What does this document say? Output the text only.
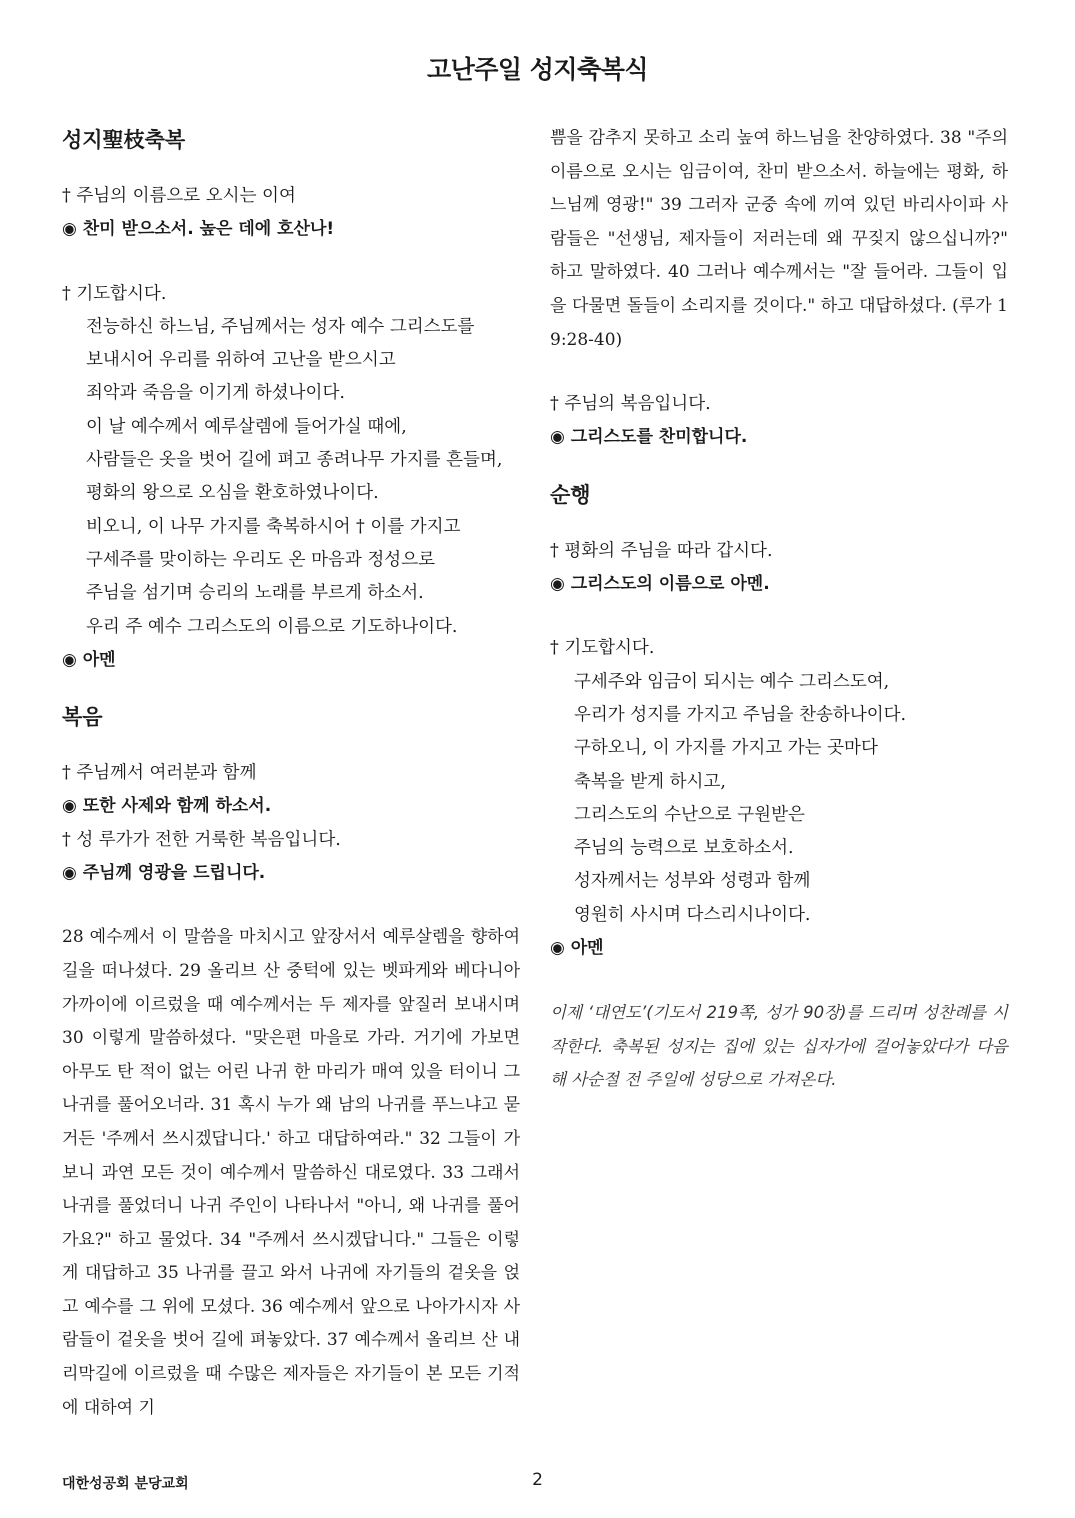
고난주일 성지축복식
성지聖枝축복
† 주님의 이름으로 오시는 이여
◉ 찬미 받으소서. 높은 데에 호산나!
† 기도합시다.
전능하신 하느님, 주님께서는 성자 예수 그리스도를
보내시어 우리를 위하여 고난을 받으시고
죄악과 죽음을 이기게 하셨나이다.
이 날 예수께서 예루살렘에 들어가실 때에,
사람들은 옷을 벗어 길에 펴고 종려나무 가지를 흔들며,
평화의 왕으로 오심을 환호하였나이다.
비오니, 이 나무 가지를 축복하시어 † 이를 가지고
구세주를 맞이하는 우리도 온 마음과 정성으로
주님을 섬기며 승리의 노래를 부르게 하소서.
우리 주 예수 그리스도의 이름으로 기도하나이다.
◉ 아멘
복음
† 주님께서 여러분과 함께
◉ 또한 사제와 함께 하소서.
† 성 루가가 전한 거룩한 복음입니다.
◉ 주님께 영광을 드립니다.

28 예수께서 이 말씀을 마치시고 앞장서서 예루살렘을 향하여 길을 떠나셨다. 29 올리브 산 중턱에 있는 벳파게와 베다니아 가까이에 이르렀을 때 예수께서는 두 제자를 앞질러 보내시며 30 이렇게 말씀하셨다. "맞은편 마을로 가라. 거기에 가보면 아무도 탄 적이 없는 어린 나귀 한 마리가 매여 있을 터이니 그 나귀를 풀어오너라. 31 혹시 누가 왜 남의 나귀를 푸느냐고 묻거든 '주께서 쓰시겠답니다.' 하고 대답하여라." 32 그들이 가보니 과연 모든 것이 예수께서 말씀하신 대로였다. 33 그래서 나귀를 풀었더니 나귀 주인이 나타나서 "아니, 왜 나귀를 풀어가요?" 하고 물었다. 34 "주께서 쓰시겠답니다." 그들은 이렇게 대답하고 35 나귀를 끌고 와서 나귀에 자기들의 겉옷을 얹고 예수를 그 위에 모셨다. 36 예수께서 앞으로 나아가시자 사람들이 겉옷을 벗어 길에 펴놓았다. 37 예수께서 올리브 산 내리막길에 이르렀을 때 수많은 제자들은 자기들이 본 모든 기적에 대하여 기

쁨을 감추지 못하고 소리 높여 하느님을 찬양하였다. 38 "주의 이름으로 오시는 임금이여, 찬미 받으소서. 하늘에는 평화, 하느님께 영광!" 39 그러자 군중 속에 끼여 있던 바리사이파 사람들은 "선생님, 제자들이 저러는데 왜 꾸짖지 않으십니까?" 하고 말하였다. 40 그러나 예수께서는 "잘 들어라. 그들이 입을 다물면 돌들이 소리지를 것이다." 하고 대답하셨다. (루가 19:28-40)

† 주님의 복음입니다.
◉ 그리스도를 찬미합니다.
순행
† 평화의 주님을 따라 갑시다.
◉ 그리스도의 이름으로 아멘.
† 기도합시다.
구세주와 임금이 되시는 예수 그리스도여,
우리가 성지를 가지고 주님을 찬송하나이다.
구하오니, 이 가지를 가지고 가는 곳마다
축복을 받게 하시고,
그리스도의 수난으로 구원받은
주님의 능력으로 보호하소서.
성자께서는 성부와 성령과 함께
영원히 사시며 다스리시나이다.
◉ 아멘

이제 ‘대연도’(기도서 219쪽, 성가 90장)를 드리며 성찬례를 시작한다. 축복된 성지는 집에 있는 십자가에 걸어놓았다가 다음 해 사순절 전 주일에 성당으로 가져온다.

대한성공회 분당교회	2
